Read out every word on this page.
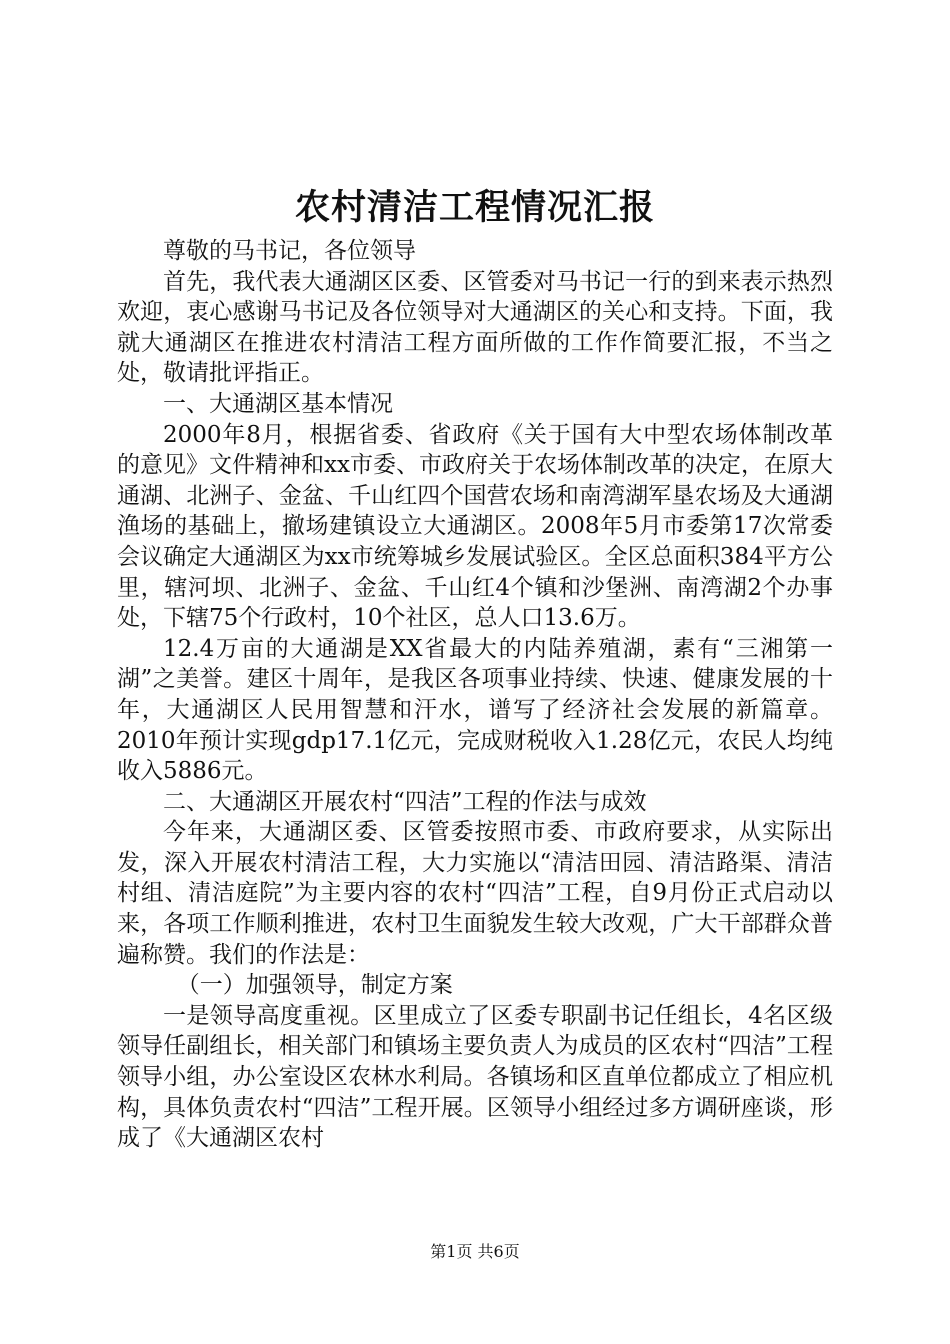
农村清洁工程情况汇报

尊敬的马书记，各位领导

首先，我代表大通湖区区委、区管委对马书记一行的到来表示热烈欢迎，衷心感谢马书记及各位领导对大通湖区的关心和支持。下面，我就大通湖区在推进农村清洁工程方面所做的工作作简要汇报，不当之处，敬请批评指正。

一、大通湖区基本情况

2000年8月，根据省委、省政府《关于国有大中型农场体制改革的意见》文件精神和xx市委、市政府关于农场体制改革的决定，在原大通湖、北洲子、金盆、千山红四个国营农场和南湾湖军垦农场及大通湖渔场的基础上，撤场建镇设立大通湖区。2008年5月市委第17次常委会议确定大通湖区为xx市统筹城乡发展试验区。全区总面积384平方公里，辖河坝、北洲子、金盆、千山红4个镇和沙堡洲、南湾湖2个办事处，下辖75个行政村，10个社区，总人口13.6万。

12.4万亩的大通湖是XX省最大的内陆养殖湖，素有“三湘第一湖”之美誉。建区十周年，是我区各项事业持续、快速、健康发展的十年，大通湖区人民用智慧和汗水，谱写了经济社会发展的新篇章。2010年预计实现gdp17.1亿元，完成财税收入1.28亿元，农民人均纯收入5886元。

二、大通湖区开展农村“四洁”工程的作法与成效

今年来，大通湖区委、区管委按照市委、市政府要求，从实际出发，深入开展农村清洁工程，大力实施以“清洁田园、清洁路渠、清洁村组、清洁庭院”为主要内容的农村“四洁”工程，自9月份正式启动以来，各项工作顺利推进，农村卫生面貌发生较大改观，广大干部群众普遍称赞。我们的作法是：

（一）加强领导，制定方案

一是领导高度重视。区里成立了区委专职副书记任组长，4名区级领导任副组长，相关部门和镇场主要负责人为成员的区农村“四洁”工程领导小组，办公室设区农林水利局。各镇场和区直单位都成立了相应机构，具体负责农村“四洁”工程开展。区领导小组经过多方调研座谈，形成了《大通湖区农村

第1页 共6页
